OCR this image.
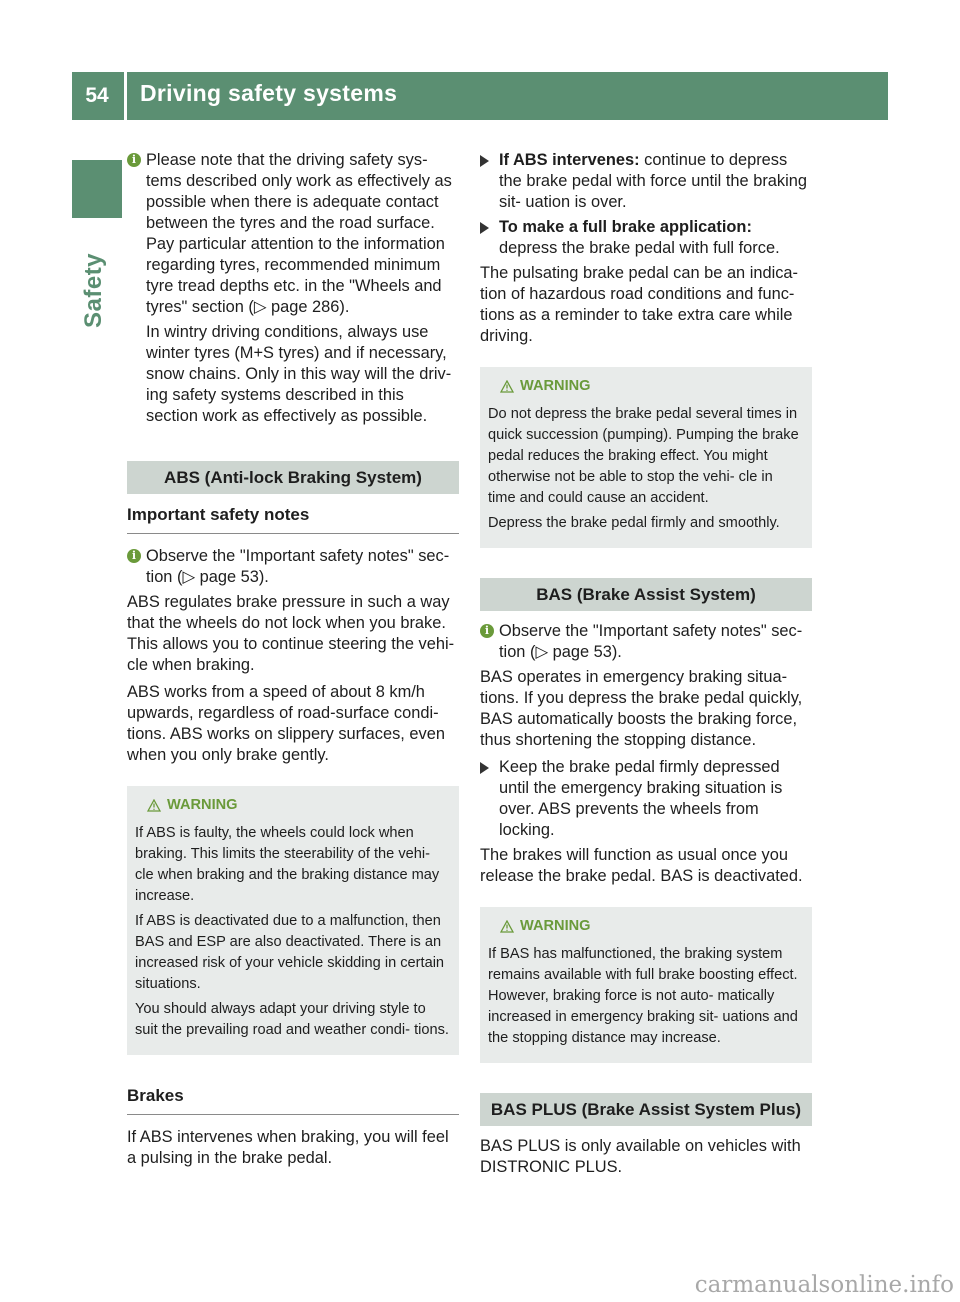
54	Driving safety systems
Safety
i Please note that the driving safety sys- tems described only work as effectively as possible when there is adequate contact between the tyres and the road surface. Pay particular attention to the information regarding tyres, recommended minimum tyre tread depths etc. in the "Wheels and tyres" section (▷ page 286).

In wintry driving conditions, always use winter tyres (M+S tyres) and if necessary, snow chains. Only in this way will the driv- ing safety systems described in this section work as effectively as possible.

ABS (Anti-lock Braking System)
Important safety notes
i Observe the "Important safety notes" sec- tion (▷ page 53).

ABS regulates brake pressure in such a way that the wheels do not lock when you brake. This allows you to continue steering the vehi- cle when braking.

ABS works from a speed of about 8 km/h upwards, regardless of road-surface condi- tions. ABS works on slippery surfaces, even when you only brake gently.

WARNING

If ABS is faulty, the wheels could lock when braking. This limits the steerability of the vehi- cle when braking and the braking distance may increase.

If ABS is deactivated due to a malfunction, then BAS and ESP are also deactivated. There is an increased risk of your vehicle skidding in certain situations.

You should always adapt your driving style to suit the prevailing road and weather condi- tions.

Brakes

If ABS intervenes when braking, you will feel a pulsing in the brake pedal.

If ABS intervenes: continue to depress the brake pedal with force until the braking sit- uation is over.
To make a full brake application:
depress the brake pedal with full force.

The pulsating brake pedal can be an indica- tion of hazardous road conditions and func- tions as a reminder to take extra care while driving.

WARNING

Do not depress the brake pedal several times in quick succession (pumping). Pumping the brake pedal reduces the braking effect. You might otherwise not be able to stop the vehi- cle in time and could cause an accident.

Depress the brake pedal firmly and smoothly.

BAS (Brake Assist System)
i Observe the "Important safety notes" sec- tion (▷ page 53).

BAS operates in emergency braking situa- tions. If you depress the brake pedal quickly, BAS automatically boosts the braking force, thus shortening the stopping distance.

Keep the brake pedal firmly depressed until the emergency braking situation is over. ABS prevents the wheels from locking.

The brakes will function as usual once you release the brake pedal. BAS is deactivated.

WARNING

If BAS has malfunctioned, the braking system remains available with full brake boosting effect. However, braking force is not auto- matically increased in emergency braking sit- uations and the stopping distance may increase.

BAS PLUS (Brake Assist System Plus)

BAS PLUS is only available on vehicles with DISTRONIC PLUS.

carmanualsonline.info
